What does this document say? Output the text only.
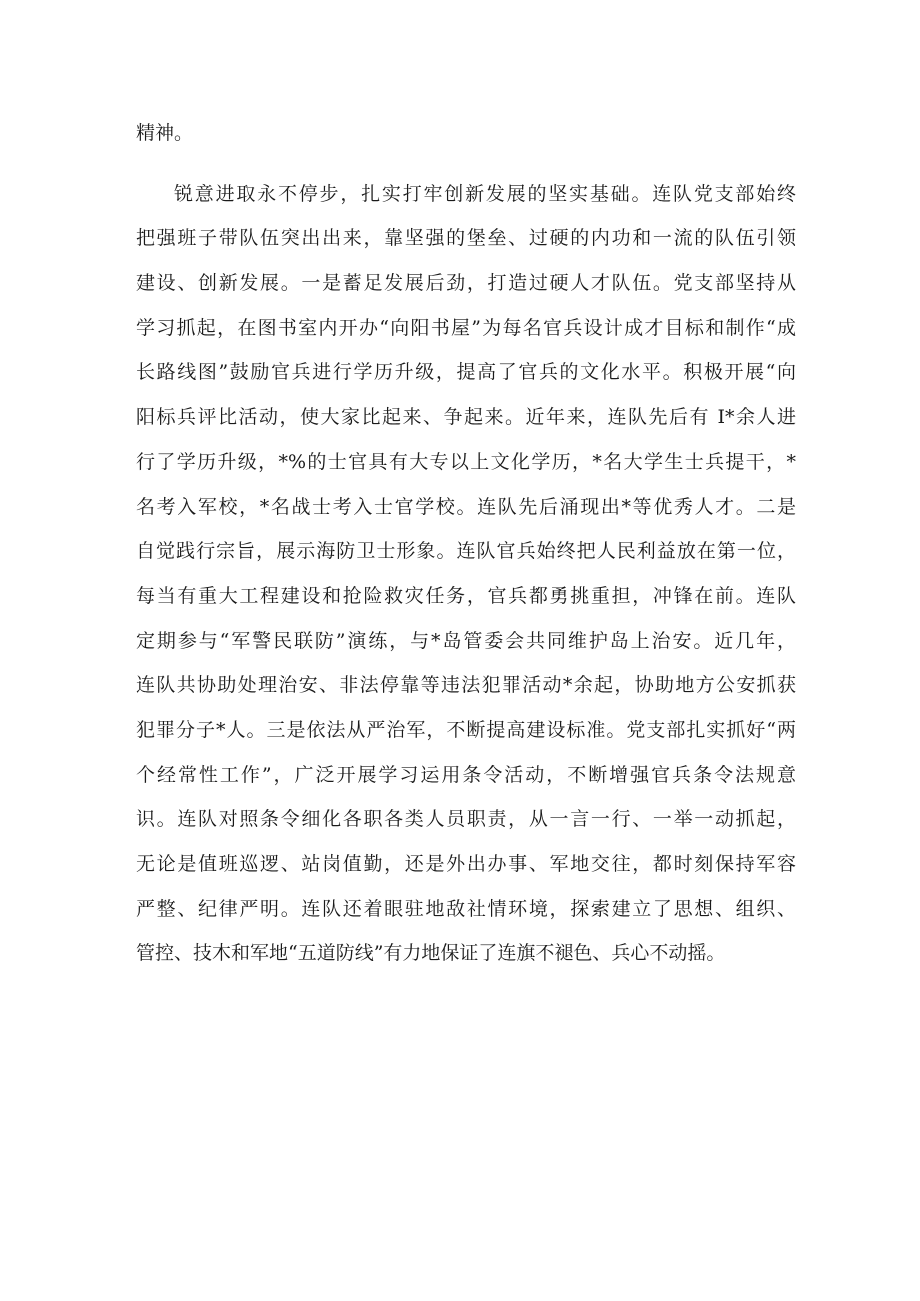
精神。
锐意进取永不停步，扎实打牢创新发展的坚实基础。连队党支部始终
把强班子带队伍突出出来，靠坚强的堡垒、过硬的内功和一流的队伍引领
建设、创新发展。一是蓄足发展后劲，打造过硬人才队伍。党支部坚持从
学习抓起，在图书室内开办“向阳书屋”为每名官兵设计成才目标和制作“成
长路线图”鼓励官兵进行学历升级，提高了官兵的文化水平。积极开展“向
阳标兵评比活动，使大家比起来、争起来。近年来，连队先后有 I*余人进
行了学历升级，*%的士官具有大专以上文化学历，*名大学生士兵提干，*
名考入军校，*名战士考入士官学校。连队先后涌现出*等优秀人才。二是
自觉践行宗旨，展示海防卫士形象。连队官兵始终把人民利益放在第一位，
每当有重大工程建设和抢险救灾任务，官兵都勇挑重担，冲锋在前。连队
定期参与“军警民联防”演练，与*岛管委会共同维护岛上治安。近几年，
连队共协助处理治安、非法停靠等违法犯罪活动*余起，协助地方公安抓获
犯罪分子*人。三是依法从严治军，不断提高建设标准。党支部扎实抓好“两
个经常性工作”，广泛开展学习运用条令活动，不断增强官兵条令法规意
识。连队对照条令细化各职各类人员职责，从一言一行、一举一动抓起，
无论是值班巡逻、站岗值勤，还是外出办事、军地交往，都时刻保持军容
严整、纪律严明。连队还着眼驻地敌社情环境，探索建立了思想、组织、
管控、技木和军地“五道防线”有力地保证了连旗不褪色、兵心不动摇。
